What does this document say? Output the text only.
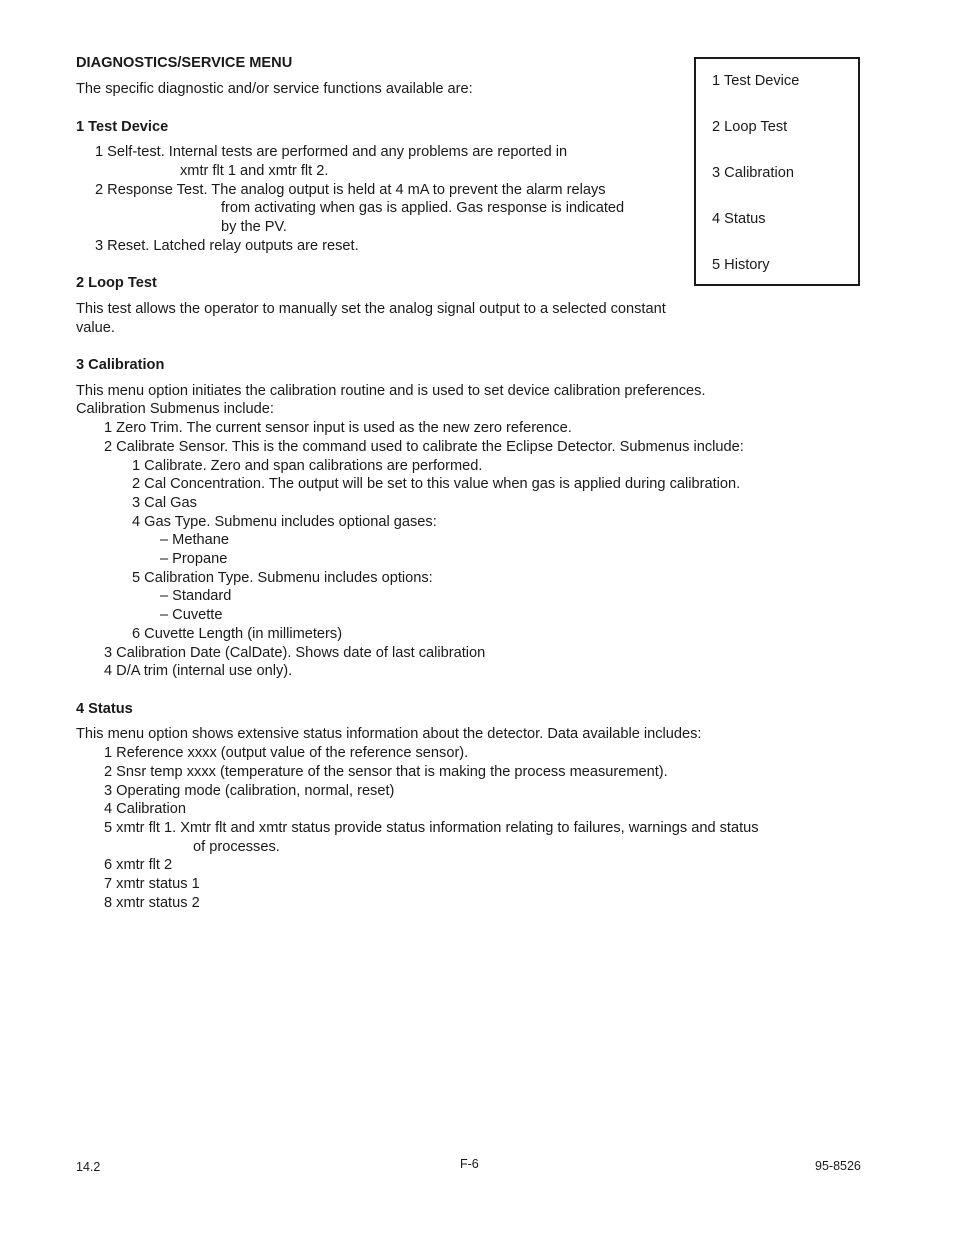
DIAGNOSTICS/SERVICE MENU
The specific diagnostic and/or service functions available are:	1 Test Device
2 Loop Test
3 Calibration
4 Status
5 History
1 Test Device
1 Self-test. Internal tests are performed and any problems are reported in
xmtr flt 1 and xmtr flt 2.
2 Response Test. The analog output is held at 4 mA to prevent the alarm relays
from activating when gas is applied. Gas response is indicated
by the PV.
3 Reset. Latched relay outputs are reset.
2 Loop Test
This test allows the operator to manually set the analog signal output to a selected constant
value.
3 Calibration
This menu option initiates the calibration routine and is used to set device calibration preferences.
Calibration Submenus include:
1 Zero Trim. The current sensor input is used as the new zero reference.
2 Calibrate Sensor. This is the command used to calibrate the Eclipse Detector. Submenus include:
1 Calibrate. Zero and span calibrations are performed.
2 Cal Concentration. The output will be set to this value when gas is applied during calibration.
3 Cal Gas
4 Gas Type. Submenu includes optional gases:
– Methane
– Propane
5 Calibration Type. Submenu includes options:
– Standard
– Cuvette
6 Cuvette Length (in millimeters)
3 Calibration Date (CalDate). Shows date of last calibration
4 D/A trim (internal use only).
4 Status
This menu option shows extensive status information about the detector. Data available includes:
1 Reference xxxx (output value of the reference sensor).
2 Snsr temp xxxx (temperature of the sensor that is making the process measurement).
3 Operating mode (calibration, normal, reset)
4 Calibration
5 xmtr flt 1. Xmtr flt and xmtr status provide status information relating to failures, warnings and status
of processes.
6 xmtr flt 2
7 xmtr status 1
8 xmtr status 2
14.2	F-6	95-8526
